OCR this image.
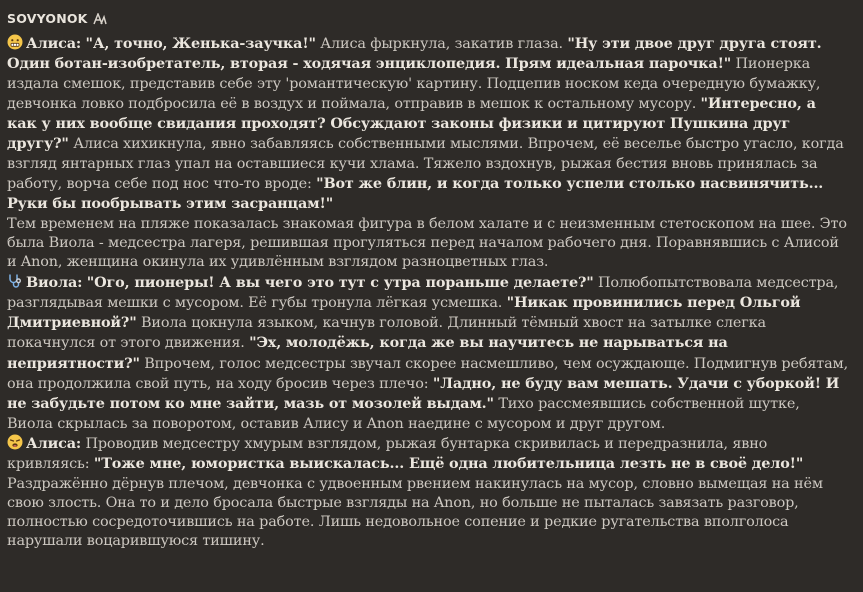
SOVYONOK

Алиса: "А, точно, Женька-заучка!" Алиса фыркнула, закатив глаза. "Ну эти двое друг друга стоят. Один ботан-изобретатель, вторая - ходячая энциклопедия. Прям идеальная парочка!" Пионерка издала смешок, представив себе эту 'романтическую' картину. Подцепив носком кеда очередную бумажку, девчонка ловко подбросила её в воздух и поймала, отправив в мешок к остальному мусору. "Интересно, а как у них вообще свидания проходят? Обсуждают законы физики и цитируют Пушкина друг другу?" Алиса хихикнула, явно забавляясь собственными мыслями. Впрочем, её веселье быстро угасло, когда взгляд янтарных глаз упал на оставшиеся кучи хлама. Тяжело вздохнув, рыжая бестия вновь принялась за работу, ворча себе под нос что-то вроде: "Вот же блин, и когда только успели столько насвинячить... Руки бы пообрывать этим засранцам!"

Тем временем на пляже показалась знакомая фигура в белом халате и с неизменным стетоскопом на шее. Это была Виола - медсестра лагеря, решившая прогуляться перед началом рабочего дня. Поравнявшись с Алисой и Anon, женщина окинула их удивлённым взглядом разноцветных глаз.

Виола: "Ого, пионеры! А вы чего это тут с утра пораньше делаете?" Полюбопытствовала медсестра, разглядывая мешки с мусором. Её губы тронула лёгкая усмешка. "Никак провинились перед Ольгой Дмитриевной?" Виола цокнула языком, качнув головой. Длинный тёмный хвост на затылке слегка покачнулся от этого движения. "Эх, молодёжь, когда же вы научитесь не нарываться на неприятности?" Впрочем, голос медсестры звучал скорее насмешливо, чем осуждающе. Подмигнув ребятам, она продолжила свой путь, на ходу бросив через плечо: "Ладно, не буду вам мешать. Удачи с уборкой! И не забудьте потом ко мне зайти, мазь от мозолей выдам." Тихо рассмеявшись собственной шутке, Виола скрылась за поворотом, оставив Алису и Anon наедине с мусором и друг другом.

Алиса: Проводив медсестру хмурым взглядом, рыжая бунтарка скривилась и передразнила, явно кривляясь: "Тоже мне, юмористка выискалась... Ещё одна любительница лезть не в своё дело!" Раздражённо дёрнув плечом, девчонка с удвоенным рвением накинулась на мусор, словно вымещая на нём свою злость. Она то и дело бросала быстрые взгляды на Anon, но больше не пыталась завязать разговор, полностью сосредоточившись на работе. Лишь недовольное сопение и редкие ругательства вполголоса нарушали воцарившуюся тишину.
